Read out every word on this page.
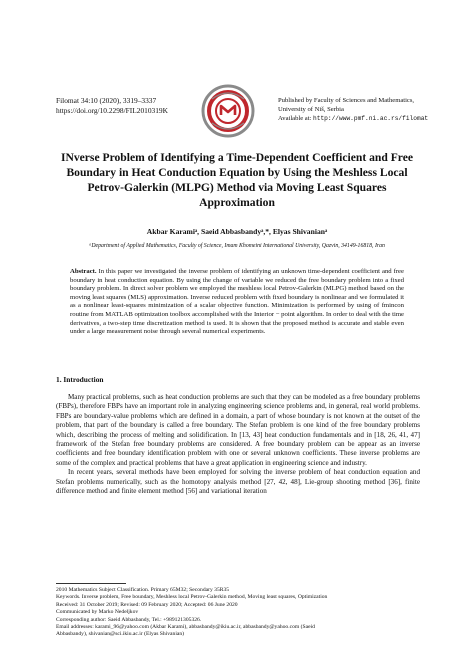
Filomat 34:10 (2020), 3319–3337
https://doi.org/10.2298/FIL2010319K
Published by Faculty of Sciences and Mathematics,
University of Niš, Serbia
Available at: http://www.pmf.ni.ac.rs/filomat
INverse Problem of Identifying a Time-Dependent Coefficient and Free
Boundary in Heat Conduction Equation by Using the Meshless Local
Petrov-Galerkin (MLPG) Method via Moving Least Squares
Approximation
Akbar Karamiᵃ, Saeid Abbasbandyᵃ,*, Elyas Shivanianᵃ
ᵃDepartment of Applied Mathematics, Faculty of Science, Imam Khomeini International University, Qazvin, 34149-16818, Iran
Abstract. In this paper we investigated the inverse problem of identifying an unknown time-dependent coefficient and free boundary in heat conduction equation. By using the change of variable we reduced the free boundary problem into a fixed boundary problem. In direct solver problem we employed the meshless local Petrov-Galerkin (MLPG) method based on the moving least squares (MLS) approximation. Inverse reduced problem with fixed boundary is nonlinear and we formulated it as a nonlinear least-squares minimization of a scalar objective function. Minimization is performed by using of fmincon routine from MATLAB optimization toolbox accomplished with the Interior − point algorithm. In order to deal with the time derivatives, a two-step time discretization method is used. It is shown that the proposed method is accurate and stable even under a large measurement noise through several numerical experiments.
1. Introduction

Many practical problems, such as heat conduction problems are such that they can be modeled as a free boundary problems (FBPs), therefore FBPs have an important role in analyzing engineering science problems and, in general, real world problems. FBPs are boundary-value problems which are defined in a domain, a part of whose boundary is not known at the outset of the problem, that part of the boundary is called a free boundary. The Stefan problem is one kind of the free boundary problems which, describing the process of melting and solidification. In [13, 43] heat conduction fundamentals and in [18, 26, 41, 47] framework of the Stefan free boundary problems are considered. A free boundary problem can be appear as an inverse coefficients and free boundary identification problem with one or several unknown coefficients. These inverse problems are some of the complex and practical problems that have a great application in engineering science and industry.

In recent years, several methods have been employed for solving the inverse problem of heat conduction equation and Stefan problems numerically, such as the homotopy analysis method [27, 42, 48], Lie-group shooting method [36], finite difference method and finite element method [56] and variational iteration

2010 Mathematics Subject Classification. Primary 65M32; Secondary 35R35
Keywords. Inverse problem, Free boundary, Meshless local Petrov-Galerkin method, Moving least squares, Optimization
Received: 31 October 2019; Revised: 09 February 2020; Accepted: 06 June 2020
Communicated by Marko Nedeljkov
Corresponding author: Saeid Abbasbandy, Tel.: +989121305326.
Email addresses: karami_96@yahoo.com (Akbar Karami), abbasbandy@ikiu.ac.ir, abbasbandy@yahoo.com (Saeid
Abbasbandy), shivanian@sci.ikiu.ac.ir (Elyas Shivanian)
